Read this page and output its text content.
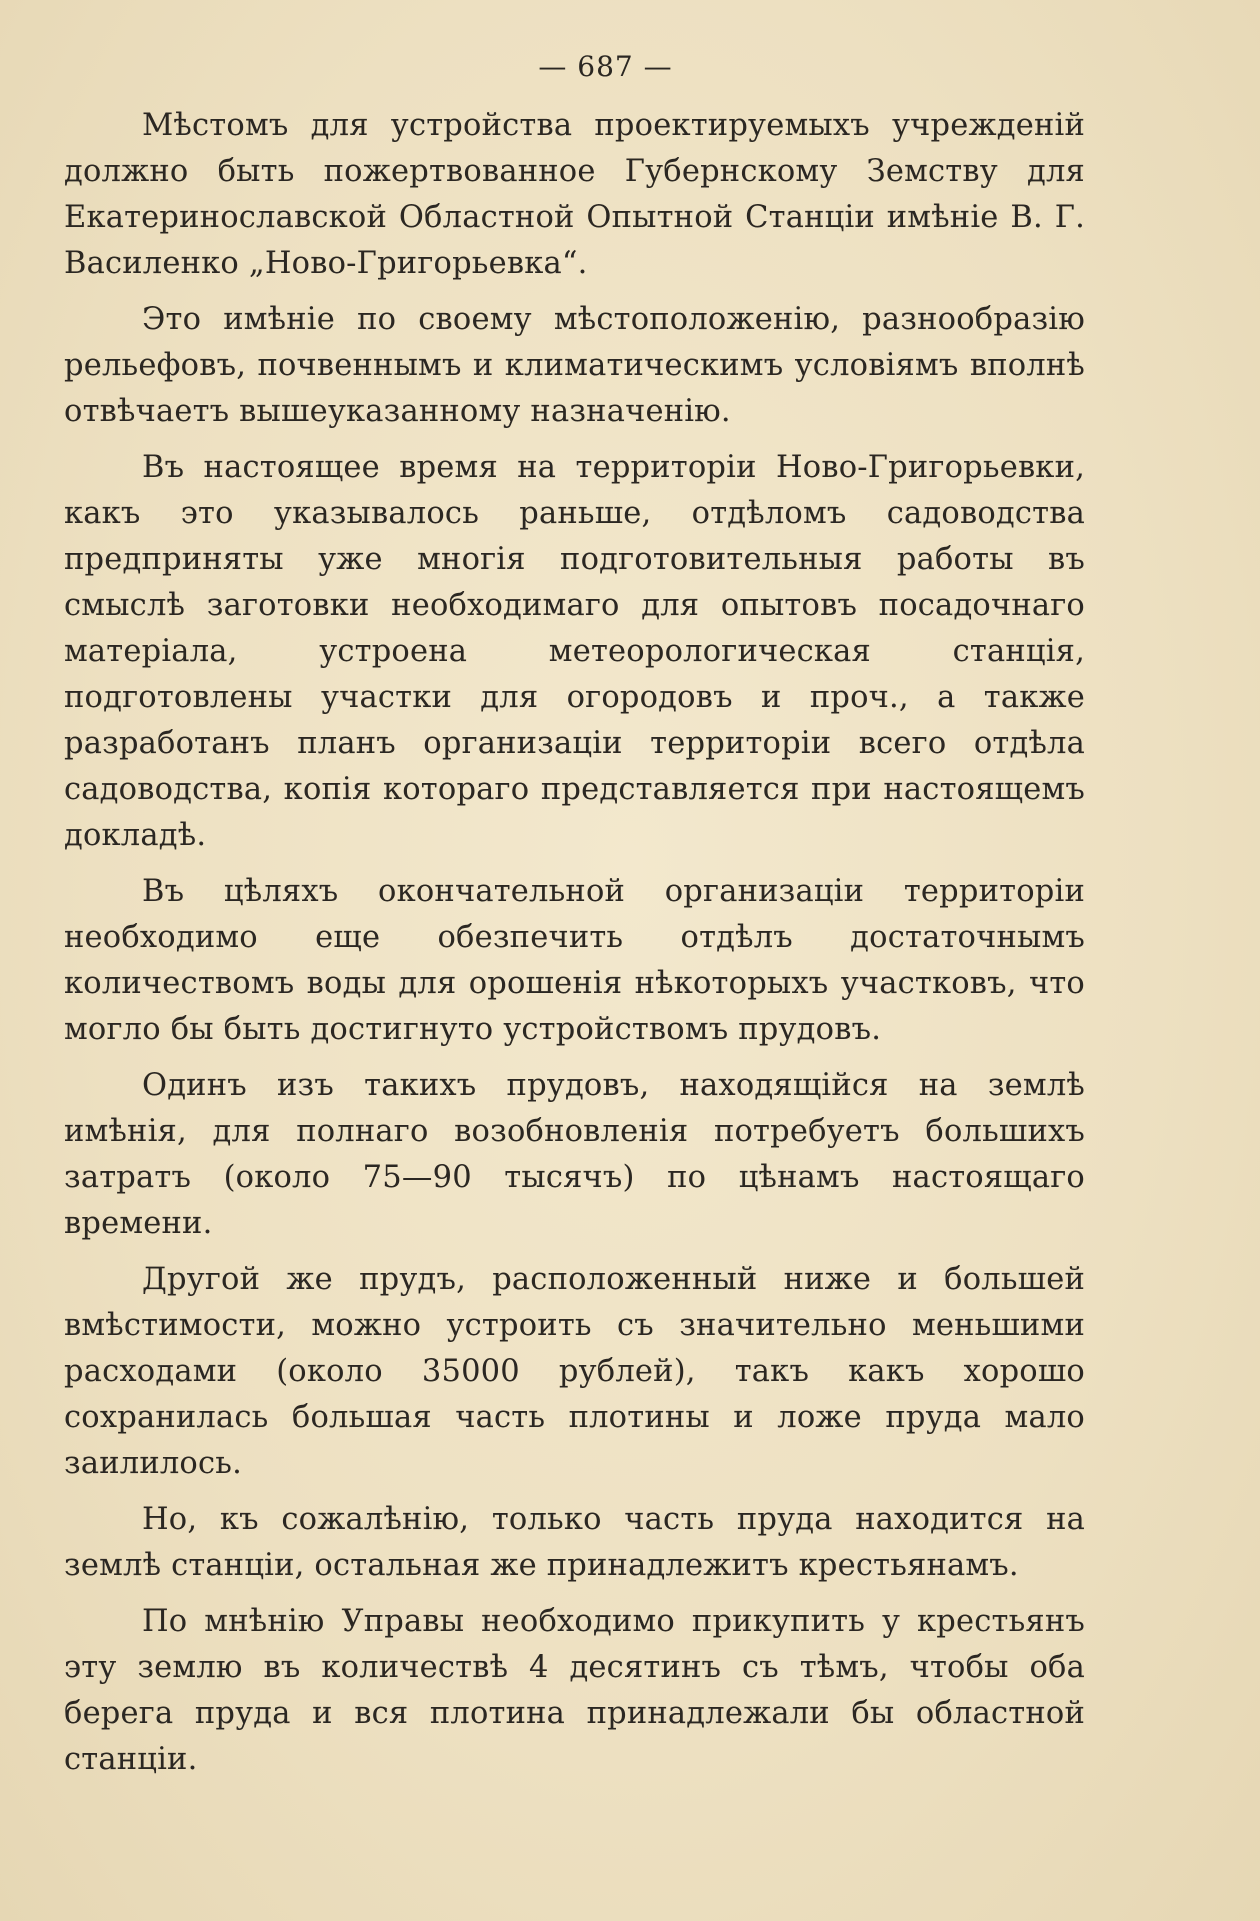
— 687 —

Мѣстомъ для устройства проектируемыхъ учрежденій должно быть пожертвованное Губернскому Земству для Екатеринославской Областной Опытной Станціи имѣніе В. Г. Василенко „Ново-Григорьевка“.

Это имѣніе по своему мѣстоположенію, разнообразію рельефовъ, почвеннымъ и климатическимъ условіямъ вполнѣ отвѣчаетъ вышеуказанному назначенію.

Въ настоящее время на территоріи Ново-Григорьевки, какъ это указывалось раньше, отдѣломъ садоводства предприняты уже многія подготовительныя работы въ смыслѣ заготовки необходимаго для опытовъ посадочнаго матеріала, устроена метеорологическая станція, подготовлены участки для огородовъ и проч., а также разработанъ планъ организаціи территоріи всего отдѣла садоводства, копія котораго представляется при настоящемъ докладѣ.

Въ цѣляхъ окончательной организаціи территоріи необходимо еще обезпечить отдѣлъ достаточнымъ количествомъ воды для орошенія нѣкоторыхъ участковъ, что могло бы быть достигнуто устройствомъ прудовъ.

Одинъ изъ такихъ прудовъ, находящійся на землѣ имѣнія, для полнаго возобновленія потребуетъ большихъ затратъ (около 75—90 тысячъ) по цѣнамъ настоящаго времени.

Другой же прудъ, расположенный ниже и большей вмѣстимости, можно устроить съ значительно меньшими расходами (около 35000 рублей), такъ какъ хорошо сохранилась большая часть плотины и ложе пруда мало заилилось.

Но, къ сожалѣнію, только часть пруда находится на землѣ станціи, остальная же принадлежитъ крестьянамъ.

По мнѣнію Управы необходимо прикупить у крестьянъ эту землю въ количествѣ 4 десятинъ съ тѣмъ, чтобы оба берега пруда и вся плотина принадлежали бы областной станціи.
